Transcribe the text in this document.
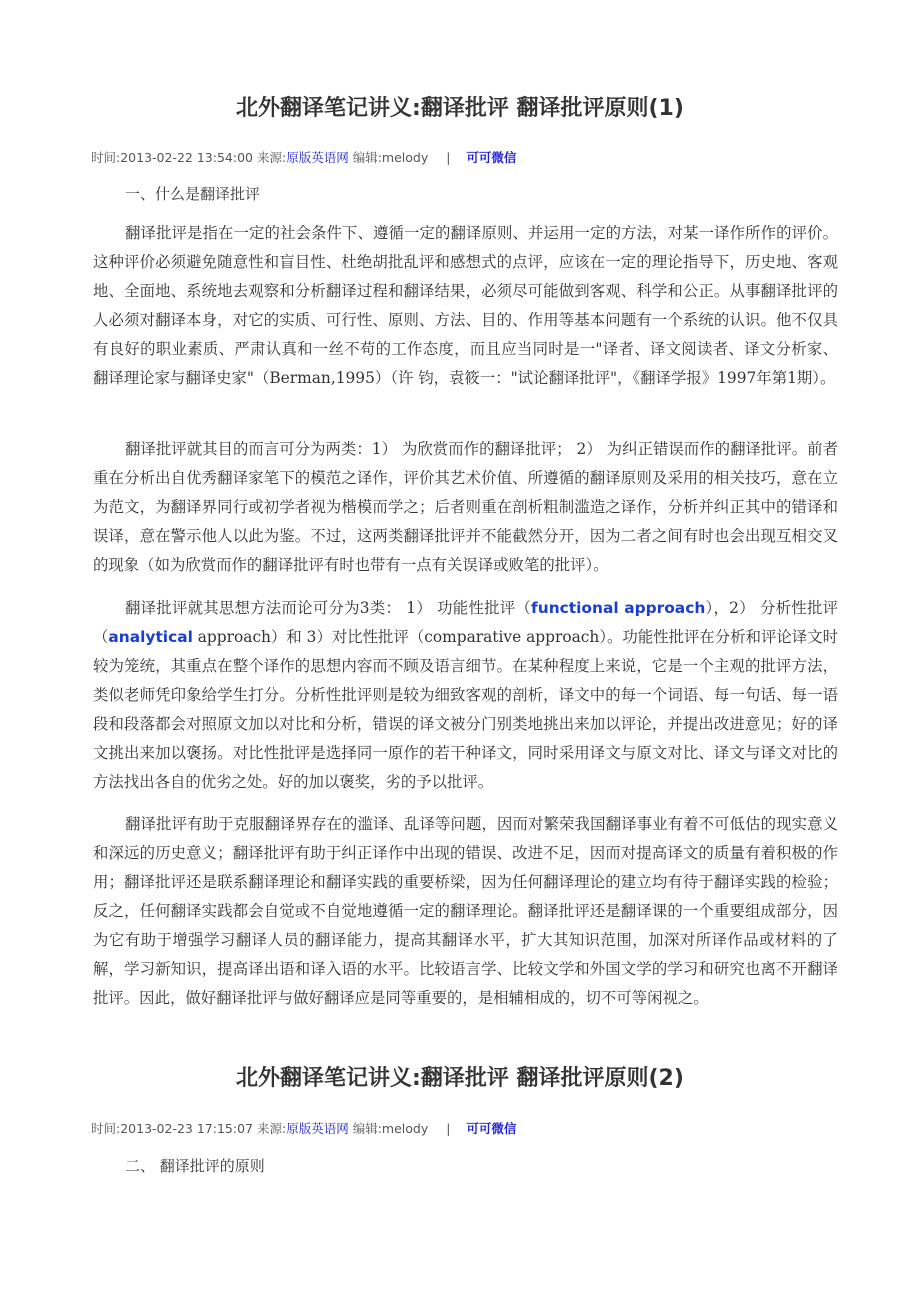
北外翻译笔记讲义:翻译批评 翻译批评原则(1)

时间:2013-02-22 13:54:00 来源:原版英语网 编辑:melody | 可可微信

一、什么是翻译批评

翻译批评是指在一定的社会条件下、遵循一定的翻译原则、并运用一定的方法，对某一译作所作的评价。这种评价必须避免随意性和盲目性、杜绝胡批乱评和感想式的点评，应该在一定的理论指导下，历史地、客观地、全面地、系统地去观察和分析翻译过程和翻译结果，必须尽可能做到客观、科学和公正。从事翻译批评的人必须对翻译本身，对它的实质、可行性、原则、方法、目的、作用等基本问题有一个系统的认识。他不仅具有良好的职业素质、严肃认真和一丝不苟的工作态度，而且应当同时是一"译者、译文阅读者、译文分析家、翻译理论家与翻译史家"（Berman,1995）（许 钧，袁筱一："试论翻译批评"，《翻译学报》1997年第1期）。

翻译批评就其目的而言可分为两类：1） 为欣赏而作的翻译批评； 2） 为纠正错误而作的翻译批评。前者重在分析出自优秀翻译家笔下的模范之译作，评价其艺术价值、所遵循的翻译原则及采用的相关技巧，意在立为范文，为翻译界同行或初学者视为楷模而学之；后者则重在剖析粗制滥造之译作，分析并纠正其中的错译和误译，意在警示他人以此为鉴。不过，这两类翻译批评并不能截然分开，因为二者之间有时也会出现互相交叉的现象（如为欣赏而作的翻译批评有时也带有一点有关误译或败笔的批评）。

翻译批评就其思想方法而论可分为3类： 1） 功能性批评（functional approach），2） 分析性批评（analytical approach）和 3）对比性批评（comparative approach）。功能性批评在分析和评论译文时较为笼统，其重点在整个译作的思想内容而不顾及语言细节。在某种程度上来说，它是一个主观的批评方法，类似老师凭印象给学生打分。分析性批评则是较为细致客观的剖析，译文中的每一个词语、每一句话、每一语段和段落都会对照原文加以对比和分析，错误的译文被分门别类地挑出来加以评论，并提出改进意见；好的译文挑出来加以褒扬。对比性批评是选择同一原作的若干种译文，同时采用译文与原文对比、译文与译文对比的方法找出各自的优劣之处。好的加以褒奖，劣的予以批评。

翻译批评有助于克服翻译界存在的滥译、乱译等问题，因而对繁荣我国翻译事业有着不可低估的现实意义和深远的历史意义；翻译批评有助于纠正译作中出现的错误、改进不足，因而对提高译文的质量有着积极的作用；翻译批评还是联系翻译理论和翻译实践的重要桥梁，因为任何翻译理论的建立均有待于翻译实践的检验；反之，任何翻译实践都会自觉或不自觉地遵循一定的翻译理论。翻译批评还是翻译课的一个重要组成部分，因为它有助于增强学习翻译人员的翻译能力，提高其翻译水平，扩大其知识范围，加深对所译作品或材料的了解，学习新知识，提高译出语和译入语的水平。比较语言学、比较文学和外国文学的学习和研究也离不开翻译批评。因此，做好翻译批评与做好翻译应是同等重要的，是相辅相成的，切不可等闲视之。

北外翻译笔记讲义:翻译批评 翻译批评原则(2)

时间:2013-02-23 17:15:07 来源:原版英语网 编辑:melody | 可可微信

二、 翻译批评的原则
